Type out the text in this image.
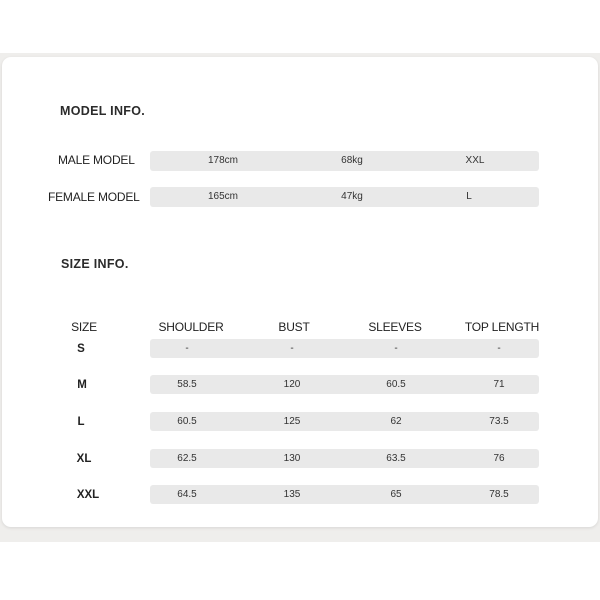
MODEL INFO.
MALE MODEL	178cm	68kg	XXL
FEMALE MODEL	165cm	47kg	L
SIZE INFO.
SIZE	SHOULDER	BUST	SLEEVES	TOP LENGTH
S	-	-	-	-
M	58.5	120	60.5	71
L	60.5	125	62	73.5
XL	62.5	130	63.5	76
XXL	64.5	135	65	78.5
